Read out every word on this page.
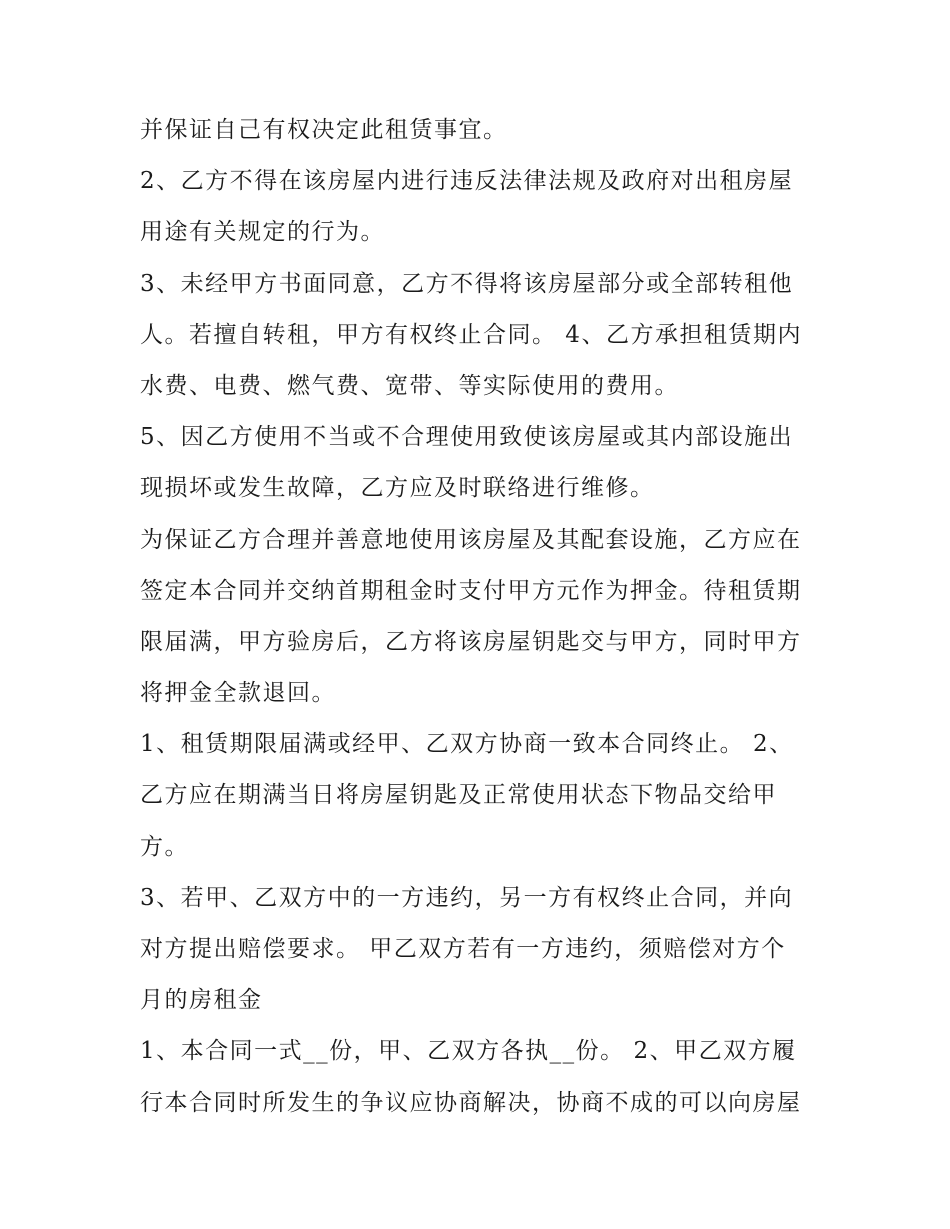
并保证自己有权决定此租赁事宜。
2、乙方不得在该房屋内进行违反法律法规及政府对出租房屋
用途有关规定的行为。
3、未经甲方书面同意，乙方不得将该房屋部分或全部转租他
人。若擅自转租，甲方有权终止合同。 4、乙方承担租赁期内
水费、电费、燃气费、宽带、等实际使用的费用。
5、因乙方使用不当或不合理使用致使该房屋或其内部设施出
现损坏或发生故障，乙方应及时联络进行维修。
为保证乙方合理并善意地使用该房屋及其配套设施，乙方应在
签定本合同并交纳首期租金时支付甲方元作为押金。待租赁期
限届满，甲方验房后，乙方将该房屋钥匙交与甲方，同时甲方
将押金全款退回。
1、租赁期限届满或经甲、乙双方协商一致本合同终止。 2、
乙方应在期满当日将房屋钥匙及正常使用状态下物品交给甲
方。
3、若甲、乙双方中的一方违约，另一方有权终止合同，并向
对方提出赔偿要求。 甲乙双方若有一方违约，须赔偿对方个
月的房租金
1、本合同一式__份，甲、乙双方各执__份。 2、甲乙双方履
行本合同时所发生的争议应协商解决，协商不成的可以向房屋
